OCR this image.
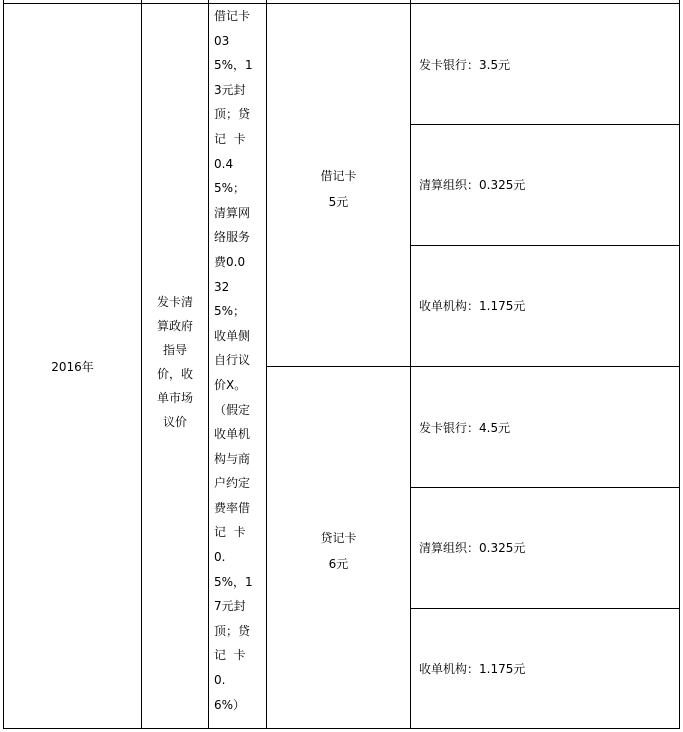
2016年
发卡清
算政府
指导
价，收
单市场
议价
借记卡
03
5%，1
3元封
顶；贷
记  卡
0.4
5%；
清算网
络服务
费0.0
32
5%；
收单侧
自行议
价X。
（假定
收单机
构与商
户约定
费率借
记  卡
0.
5%，1
7元封
顶；贷
记  卡
0.
6%）
借记卡
5元
贷记卡
6元
发卡银行：3.5元
清算组织：0.325元
收单机构：1.175元
发卡银行：4.5元
清算组织：0.325元
收单机构：1.175元
